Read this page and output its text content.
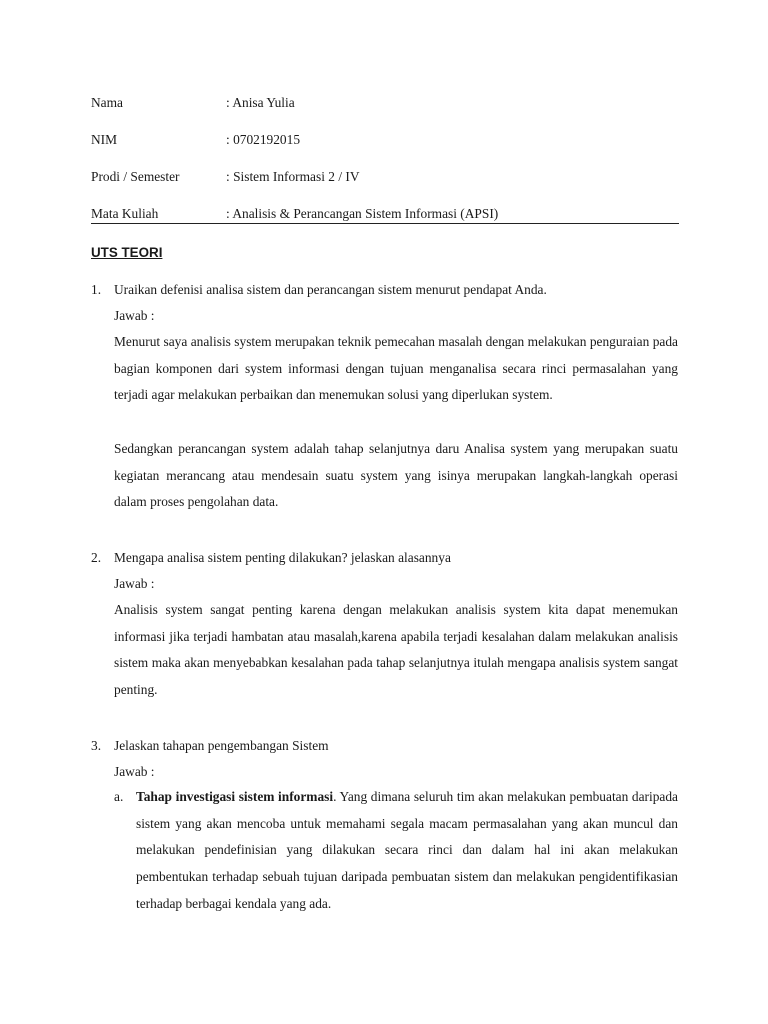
Nama	: Anisa Yulia
NIM	: 0702192015
Prodi / Semester	: Sistem Informasi 2 / IV
Mata Kuliah	: Analisis & Perancangan Sistem Informasi (APSI)
UTS TEORI
1. Uraikan defenisi analisa sistem dan perancangan sistem menurut pendapat Anda.
Jawab :

Menurut saya analisis system merupakan teknik pemecahan masalah dengan melakukan penguraian pada bagian komponen dari system informasi dengan tujuan menganalisa secara rinci permasalahan yang terjadi agar melakukan perbaikan dan menemukan solusi yang diperlukan system.

Sedangkan perancangan system adalah tahap selanjutnya daru Analisa system yang merupakan suatu kegiatan merancang atau mendesain suatu system yang isinya merupakan langkah-langkah operasi dalam proses pengolahan data.

2. Mengapa analisa sistem penting dilakukan? jelaskan alasannya
Jawab :

Analisis system sangat penting karena dengan melakukan analisis system kita dapat menemukan informasi jika terjadi hambatan atau masalah,karena apabila terjadi kesalahan dalam melakukan analisis sistem maka akan menyebabkan kesalahan pada tahap selanjutnya itulah mengapa analisis system sangat penting.

3. Jelaskan tahapan pengembangan Sistem
Jawab :
a. Tahap investigasi sistem informasi. Yang dimana seluruh tim akan melakukan pembuatan daripada sistem yang akan mencoba untuk memahami segala macam permasalahan yang akan muncul dan melakukan pendefinisian yang dilakukan secara rinci dan dalam hal ini akan melakukan pembentukan terhadap sebuah tujuan daripada pembuatan sistem dan melakukan pengidentifikasian terhadap berbagai kendala yang ada.
